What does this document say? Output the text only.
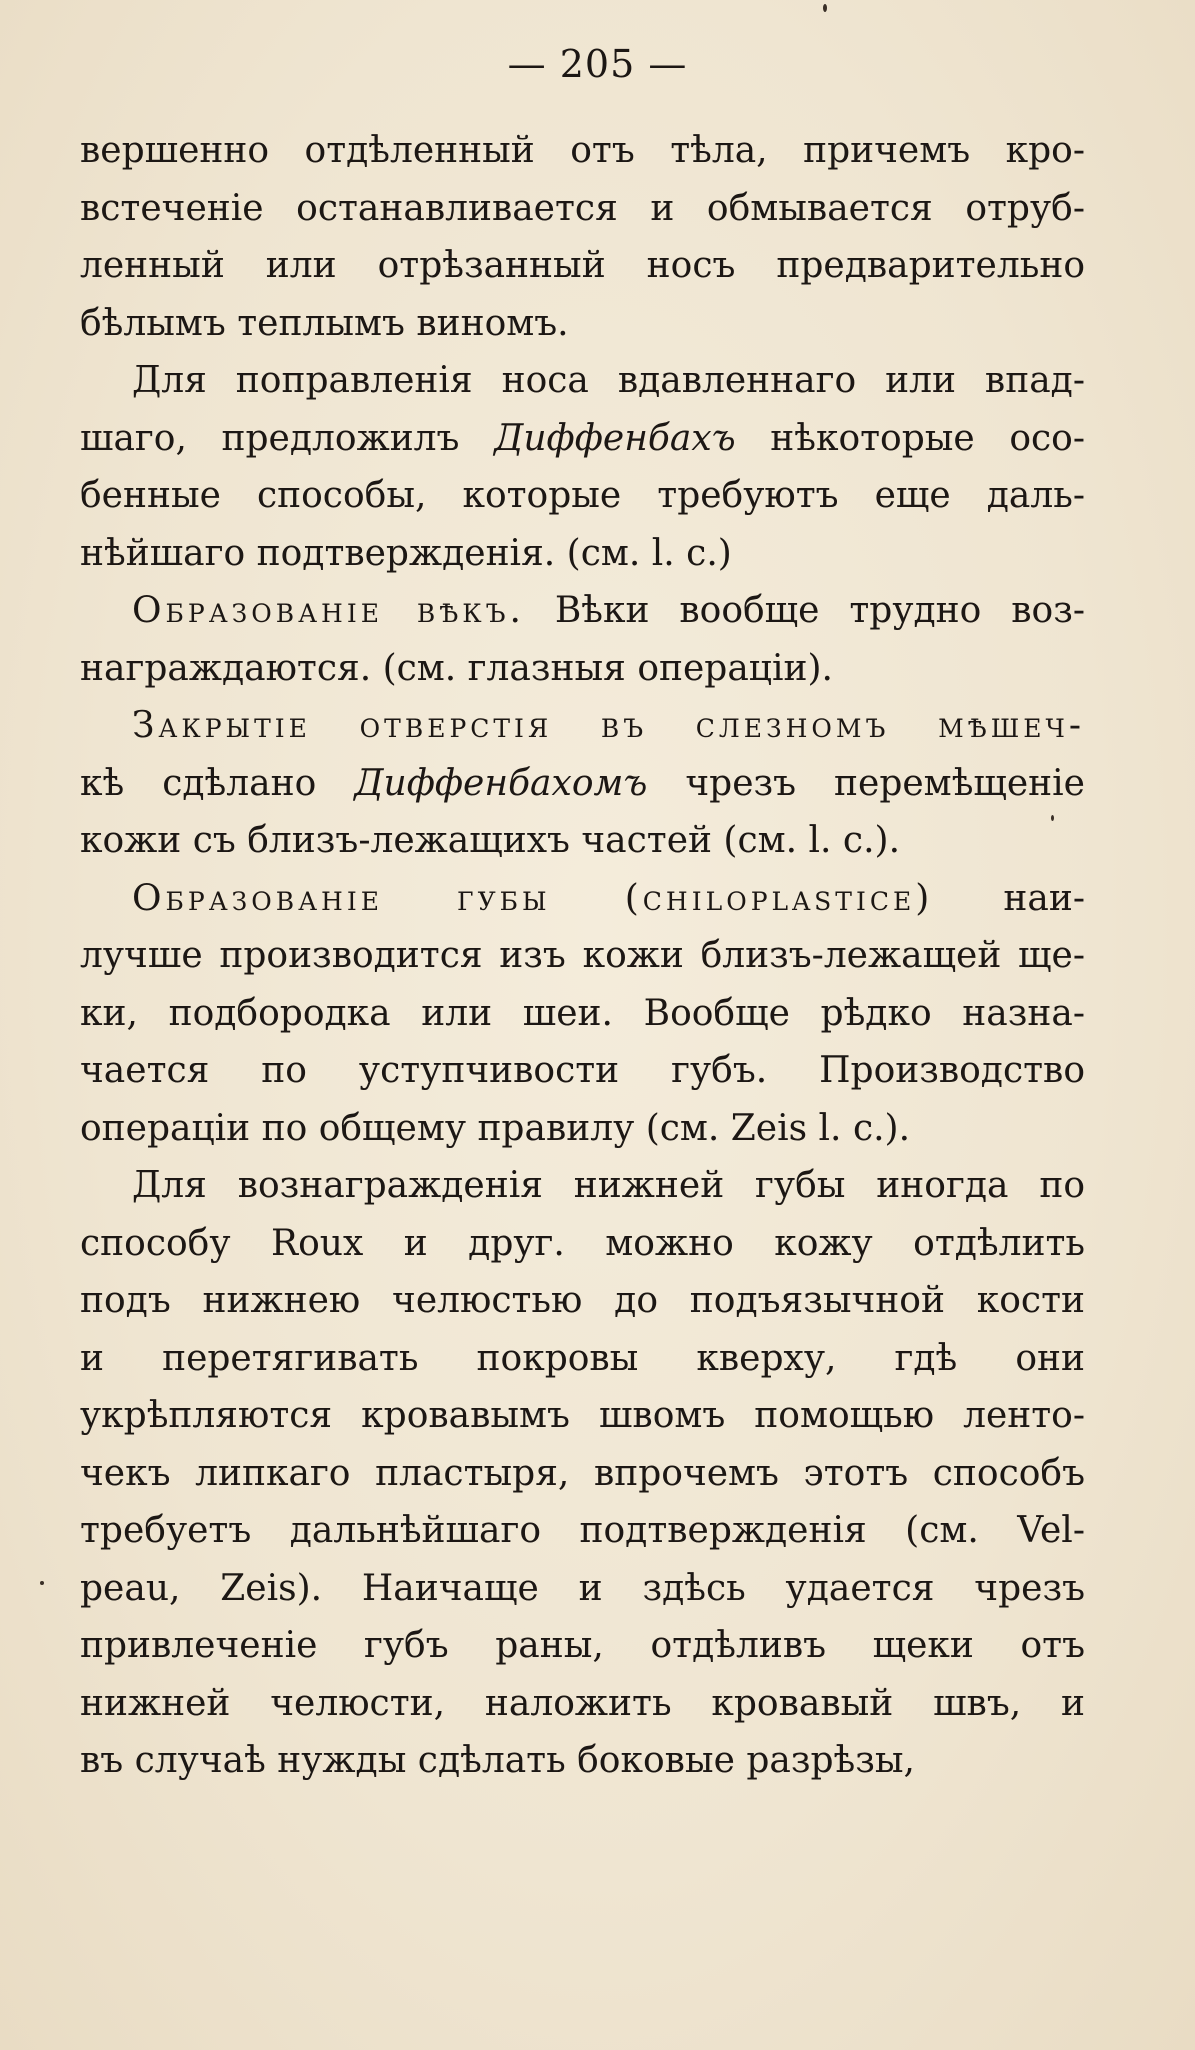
— 205 —
вершенно отдѣленный отъ тѣла, причемъ кро-
встеченіе останавливается и обмывается отруб-
ленный или отрѣзанный носъ предварительно
бѣлымъ теплымъ виномъ.
Для поправленія носа вдавленнаго или впад-
шаго, предложилъ Диффенбахъ нѣкоторые осо-
бенные способы, которые требуютъ еще даль-
нѣйшаго подтвержденія. (см. l. c.)
Образованіе вѣкъ. Вѣки вообще трудно воз-
награждаются. (см. глазныя операціи).
Закрытіе отверстія въ слезномъ мѣшеч-
кѣ сдѣлано Диффенбахомъ чрезъ перемѣщеніе
кожи съ близъ-лежащихъ частей (см. l. c.).
Образованіе губы (chiloplastice) наи-
лучше производится изъ кожи близъ-лежащей ще-
ки, подбородка или шеи. Вообще рѣдко назна-
чается по уступчивости губъ. Производство
операціи по общему правилу (см. Zeis l. c.).
Для вознагражденія нижней губы иногда по
способу Roux и друг. можно кожу отдѣлить
подъ нижнею челюстью до подъязычной кости
и перетягивать покровы кверху, гдѣ они
укрѣпляются кровавымъ швомъ помощью ленто-
чекъ липкаго пластыря, впрочемъ этотъ способъ
требуетъ дальнѣйшаго подтвержденія (см. Vel-
peau, Zeis). Наичаще и здѣсь удается чрезъ
привлеченіе губъ раны, отдѣливъ щеки отъ
нижней челюсти, наложить кровавый швъ, и
въ случаѣ нужды сдѣлать боковые разрѣзы,
